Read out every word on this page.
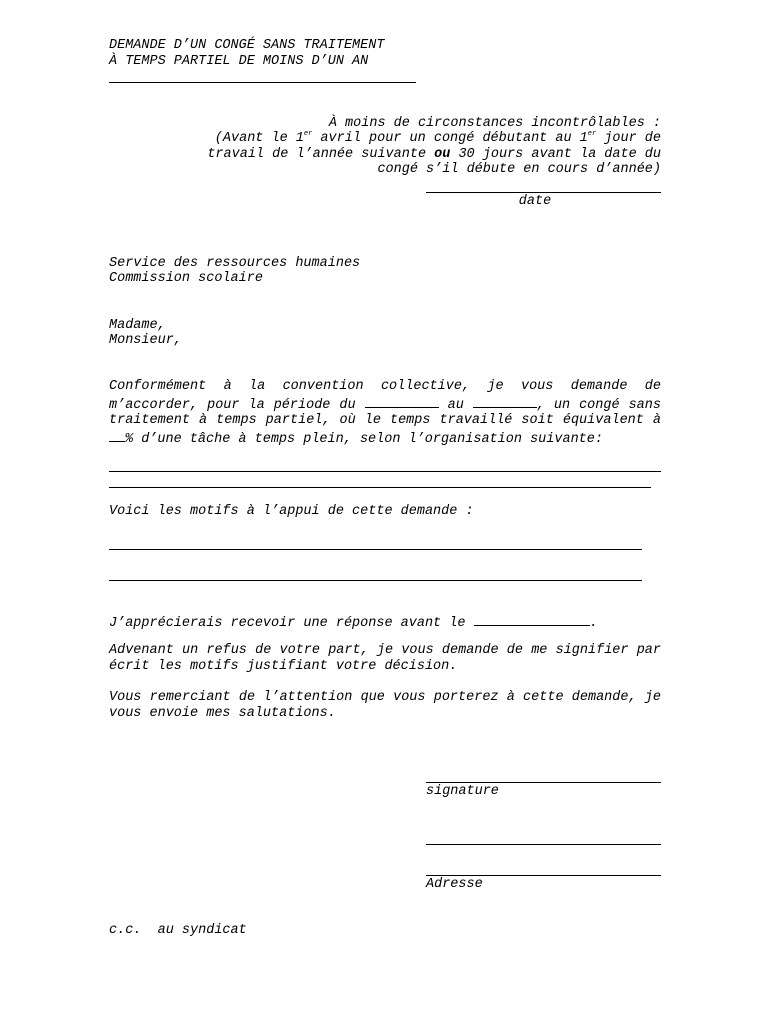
DEMANDE D’UN CONGÉ SANS TRAITEMENT
À TEMPS PARTIEL DE MOINS D’UN AN
À moins de circonstances incontrôlables :
(Avant le 1er avril pour un congé débutant au 1er jour de
travail de l’année suivante ou 30 jours avant la date du
congé s’il débute en cours d’année)
date
Service des ressources humaines
Commission scolaire
Madame,
Monsieur,
Conformément à la convention collective, je vous demande de m’accorder, pour la période du	au	, un congé sans traitement à temps partiel, où le temps travaillé soit équivalent à % d’une tâche à temps plein, selon l’organisation suivante:
Voici les motifs à l’appui de cette demande :
J’apprécierais recevoir une réponse avant le	.
Advenant un refus de votre part, je vous demande de me signifier par écrit les motifs justifiant votre décision.
Vous remerciant de l’attention que vous porterez à cette demande, je vous envoie mes salutations.
signature
Adresse
c.c.  au syndicat
